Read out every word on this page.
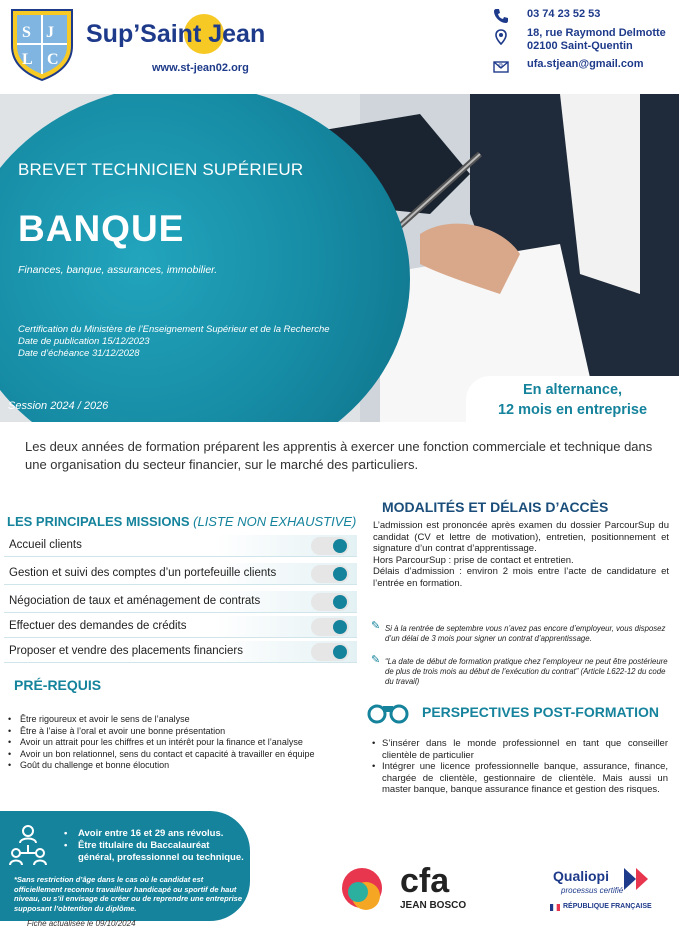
S J
L C
Sup’Saint Jean
www.st-jean02.org
03 74 23 52 53
18, rue Raymond Delmotte
02100 Saint-Quentin
@ ufa.stjean@gmail.com
BREVET TECHNICIEN SUPÉRIEUR
BANQUE
Finances, banque, assurances, immobilier.
Certification du Ministère de l’Enseignement Supérieur et de la Recherche
Date de publication 15/12/2023
Date d’échéance 31/12/2028
Session 2024 / 2026
En alternance,
12 mois en entreprise
Les deux années de formation préparent les apprentis à exercer une fonction commerciale et technique dans une organisation du secteur financier, sur le marché des particuliers.
LES PRINCIPALES MISSIONS (LISTE NON EXHAUSTIVE)
Accueil clients
Gestion et suivi des comptes d’un portefeuille clients
Négociation de taux et aménagement de contrats
Effectuer des demandes de crédits
Proposer et vendre des placements financiers
PRÉ-REQUIS
• Être rigoureux et avoir le sens de l’analyse
• Être à l’aise à l’oral et avoir une bonne présentation
• Avoir un attrait pour les chiffres et un intérêt pour la finance et l’analyse
• Avoir un bon relationnel, sens du contact et capacité à travailler en équipe
• Goût du challenge et bonne élocution
• Avoir entre 16 et 29 ans révolus.
• Être titulaire du Baccalauréat général, professionnel ou technique.
*Sans restriction d’âge dans le cas où le candidat est officiellement reconnu travailleur handicapé ou sportif de haut niveau, ou s’il envisage de créer ou de reprendre une entreprise supposant l’obtention du diplôme.
Fiche actualisée le 09/10/2024
MODALITÉS ET DÉLAIS D’ACCÈS

L’admission est prononcée après examen du dossier ParcourSup du candidat (CV et lettre de motivation), entretien, positionnement et signature d’un contrat d’apprentissage.

Hors ParcourSup : prise de contact et entretien.

Délais d’admission : environ 2 mois entre l’acte de candidature et l’entrée en formation.

✎ Si à la rentrée de septembre vous n’avez pas encore d’employeur, vous disposez d’un délai de 3 mois pour signer un contrat d’apprentissage.
✎ “La date de début de formation pratique chez l’employeur ne peut être postérieure de plus de trois mois au début de l’exécution du contrat” (Article L622-12 du code du travail)
PERSPECTIVES POST-FORMATION
• S’insérer dans le monde professionnel en tant que conseiller clientèle de particulier
• Intégrer une licence professionnelle banque, assurance, finance, chargée de clientèle, gestionnaire de clientèle. Mais aussi un master banque, banque assurance finance et gestion des risques.
cfa
JEAN BOSCO
Qualiopi
processus certifié
RÉPUBLIQUE FRANÇAISE
